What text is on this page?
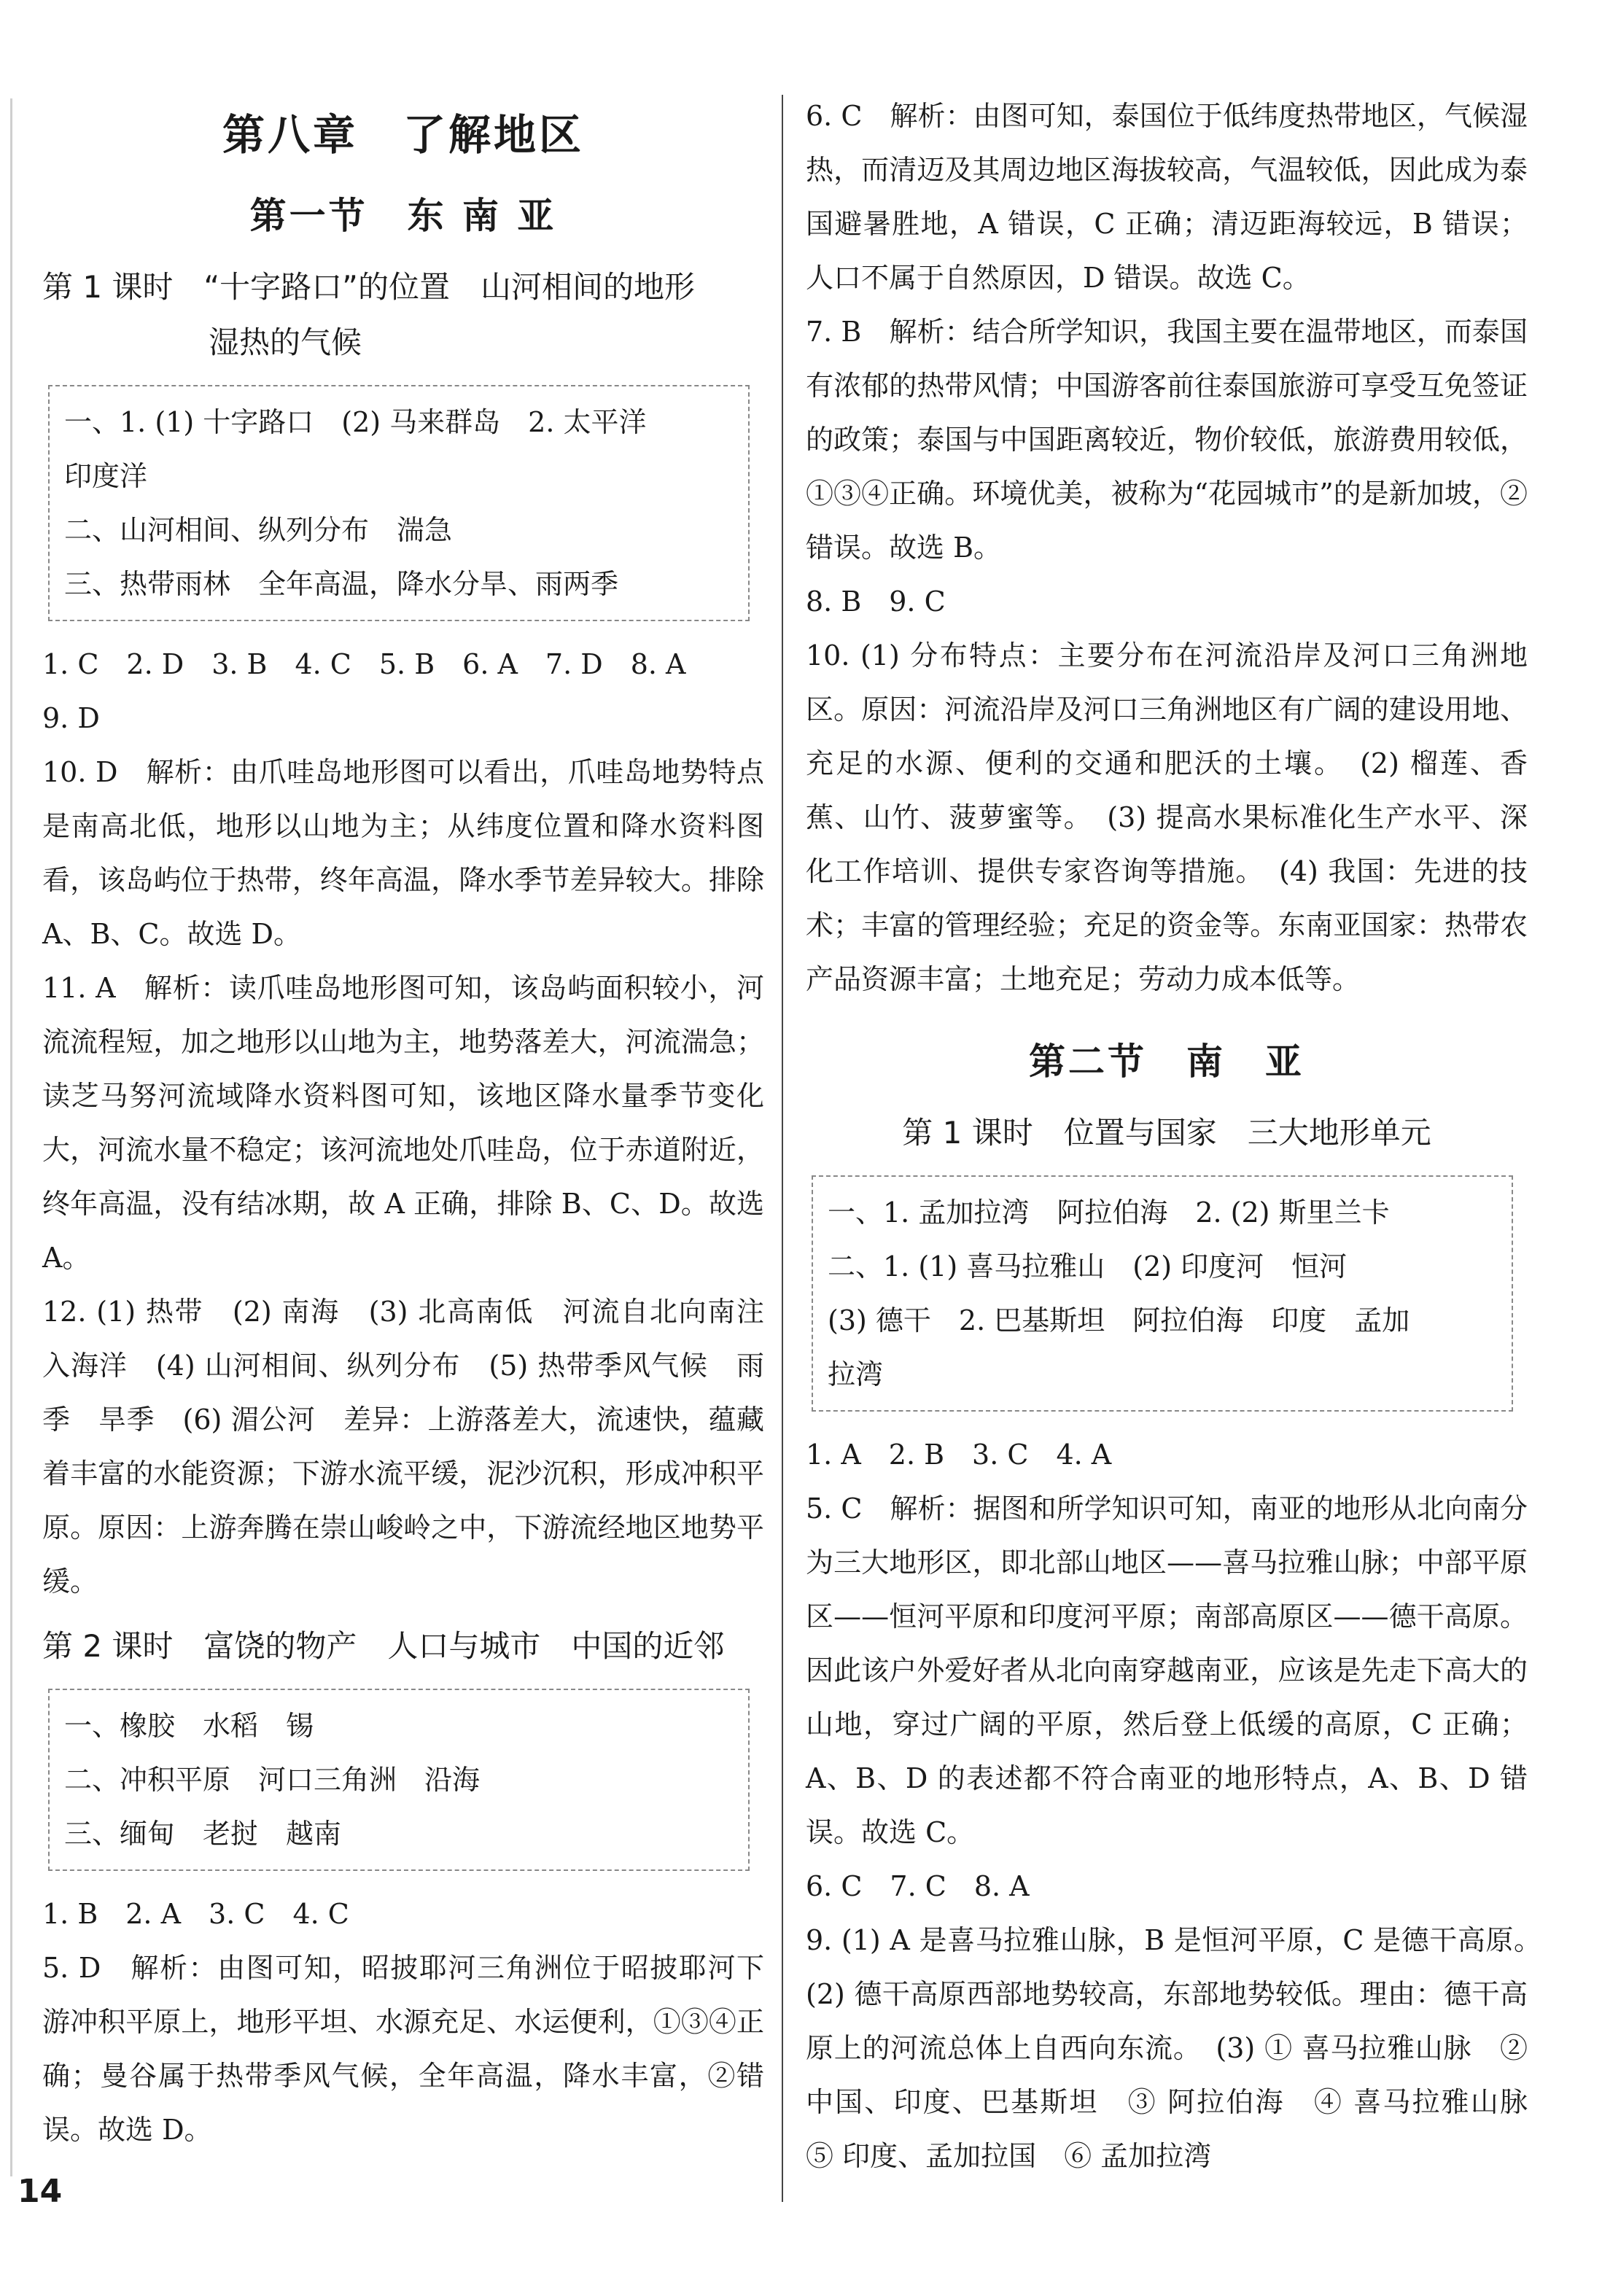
第八章　了解地区
第一节　东 南 亚
第 1 课时　“十字路口”的位置　山河相间的地形
湿热的气候

一、1. (1) 十字路口　(2) 马来群岛　2. 太平洋

印度洋

二、山河相间、纵列分布　湍急

三、热带雨林　全年高温，降水分旱、雨两季

1. C　2. D　3. B　4. C　5. B　6. A　7. D　8. A

9. D

10. D　解析：由爪哇岛地形图可以看出，爪哇岛地势特点是南高北低，地形以山地为主；从纬度位置和降水资料图看，该岛屿位于热带，终年高温，降水季节差异较大。排除 A、B、C。故选 D。

11. A　解析：读爪哇岛地形图可知，该岛屿面积较小，河流流程短，加之地形以山地为主，地势落差大，河流湍急；读芝马努河流域降水资料图可知，该地区降水量季节变化大，河流水量不稳定；该河流地处爪哇岛，位于赤道附近，终年高温，没有结冰期，故 A 正确，排除 B、C、D。故选 A。

12. (1) 热带　(2) 南海　(3) 北高南低　河流自北向南注入海洋　(4) 山河相间、纵列分布　(5) 热带季风气候　雨季　旱季　(6) 湄公河　差异：上游落差大，流速快，蕴藏着丰富的水能资源；下游水流平缓，泥沙沉积，形成冲积平原。原因：上游奔腾在崇山峻岭之中，下游流经地区地势平缓。

第 2 课时　富饶的物产　人口与城市　中国的近邻

一、橡胶　水稻　锡

二、冲积平原　河口三角洲　沿海

三、缅甸　老挝　越南

1. B　2. A　3. C　4. C

5. D　解析：由图可知，昭披耶河三角洲位于昭披耶河下游冲积平原上，地形平坦、水源充足、水运便利，①③④正确；曼谷属于热带季风气候，全年高温，降水丰富，②错误。故选 D。

6. C　解析：由图可知，泰国位于低纬度热带地区，气候湿热，而清迈及其周边地区海拔较高，气温较低，因此成为泰国避暑胜地，A 错误，C 正确；清迈距海较远，B 错误；人口不属于自然原因，D 错误。故选 C。

7. B　解析：结合所学知识，我国主要在温带地区，而泰国有浓郁的热带风情；中国游客前往泰国旅游可享受互免签证的政策；泰国与中国距离较近，物价较低，旅游费用较低，①③④正确。环境优美，被称为“花园城市”的是新加坡，②错误。故选 B。

8. B　9. C

10. (1) 分布特点：主要分布在河流沿岸及河口三角洲地区。原因：河流沿岸及河口三角洲地区有广阔的建设用地、充足的水源、便利的交通和肥沃的土壤。　(2) 榴莲、香蕉、山竹、菠萝蜜等。　(3) 提高水果标准化生产水平、深化工作培训、提供专家咨询等措施。　(4) 我国：先进的技术；丰富的管理经验；充足的资金等。东南亚国家：热带农产品资源丰富；土地充足；劳动力成本低等。

第二节　南　亚
第 1 课时　位置与国家　三大地形单元

一、1. 孟加拉湾　阿拉伯海　2. (2) 斯里兰卡

二、1. (1) 喜马拉雅山　(2) 印度河　恒河

(3) 德干　2. 巴基斯坦　阿拉伯海　印度　孟加

拉湾

1. A　2. B　3. C　4. A

5. C　解析：据图和所学知识可知，南亚的地形从北向南分为三大地形区，即北部山地区——喜马拉雅山脉；中部平原区——恒河平原和印度河平原；南部高原区——德干高原。因此该户外爱好者从北向南穿越南亚，应该是先走下高大的山地，穿过广阔的平原，然后登上低缓的高原，C 正确；A、B、D 的表述都不符合南亚的地形特点，A、B、D 错误。故选 C。

6. C　7. C　8. A

9. (1) A 是喜马拉雅山脉，B 是恒河平原，C 是德干高原。　(2) 德干高原西部地势较高，东部地势较低。理由：德干高原上的河流总体上自西向东流。　(3) ① 喜马拉雅山脉　② 中国、印度、巴基斯坦　③ 阿拉伯海　④ 喜马拉雅山脉　⑤ 印度、孟加拉国　⑥ 孟加拉湾

14
